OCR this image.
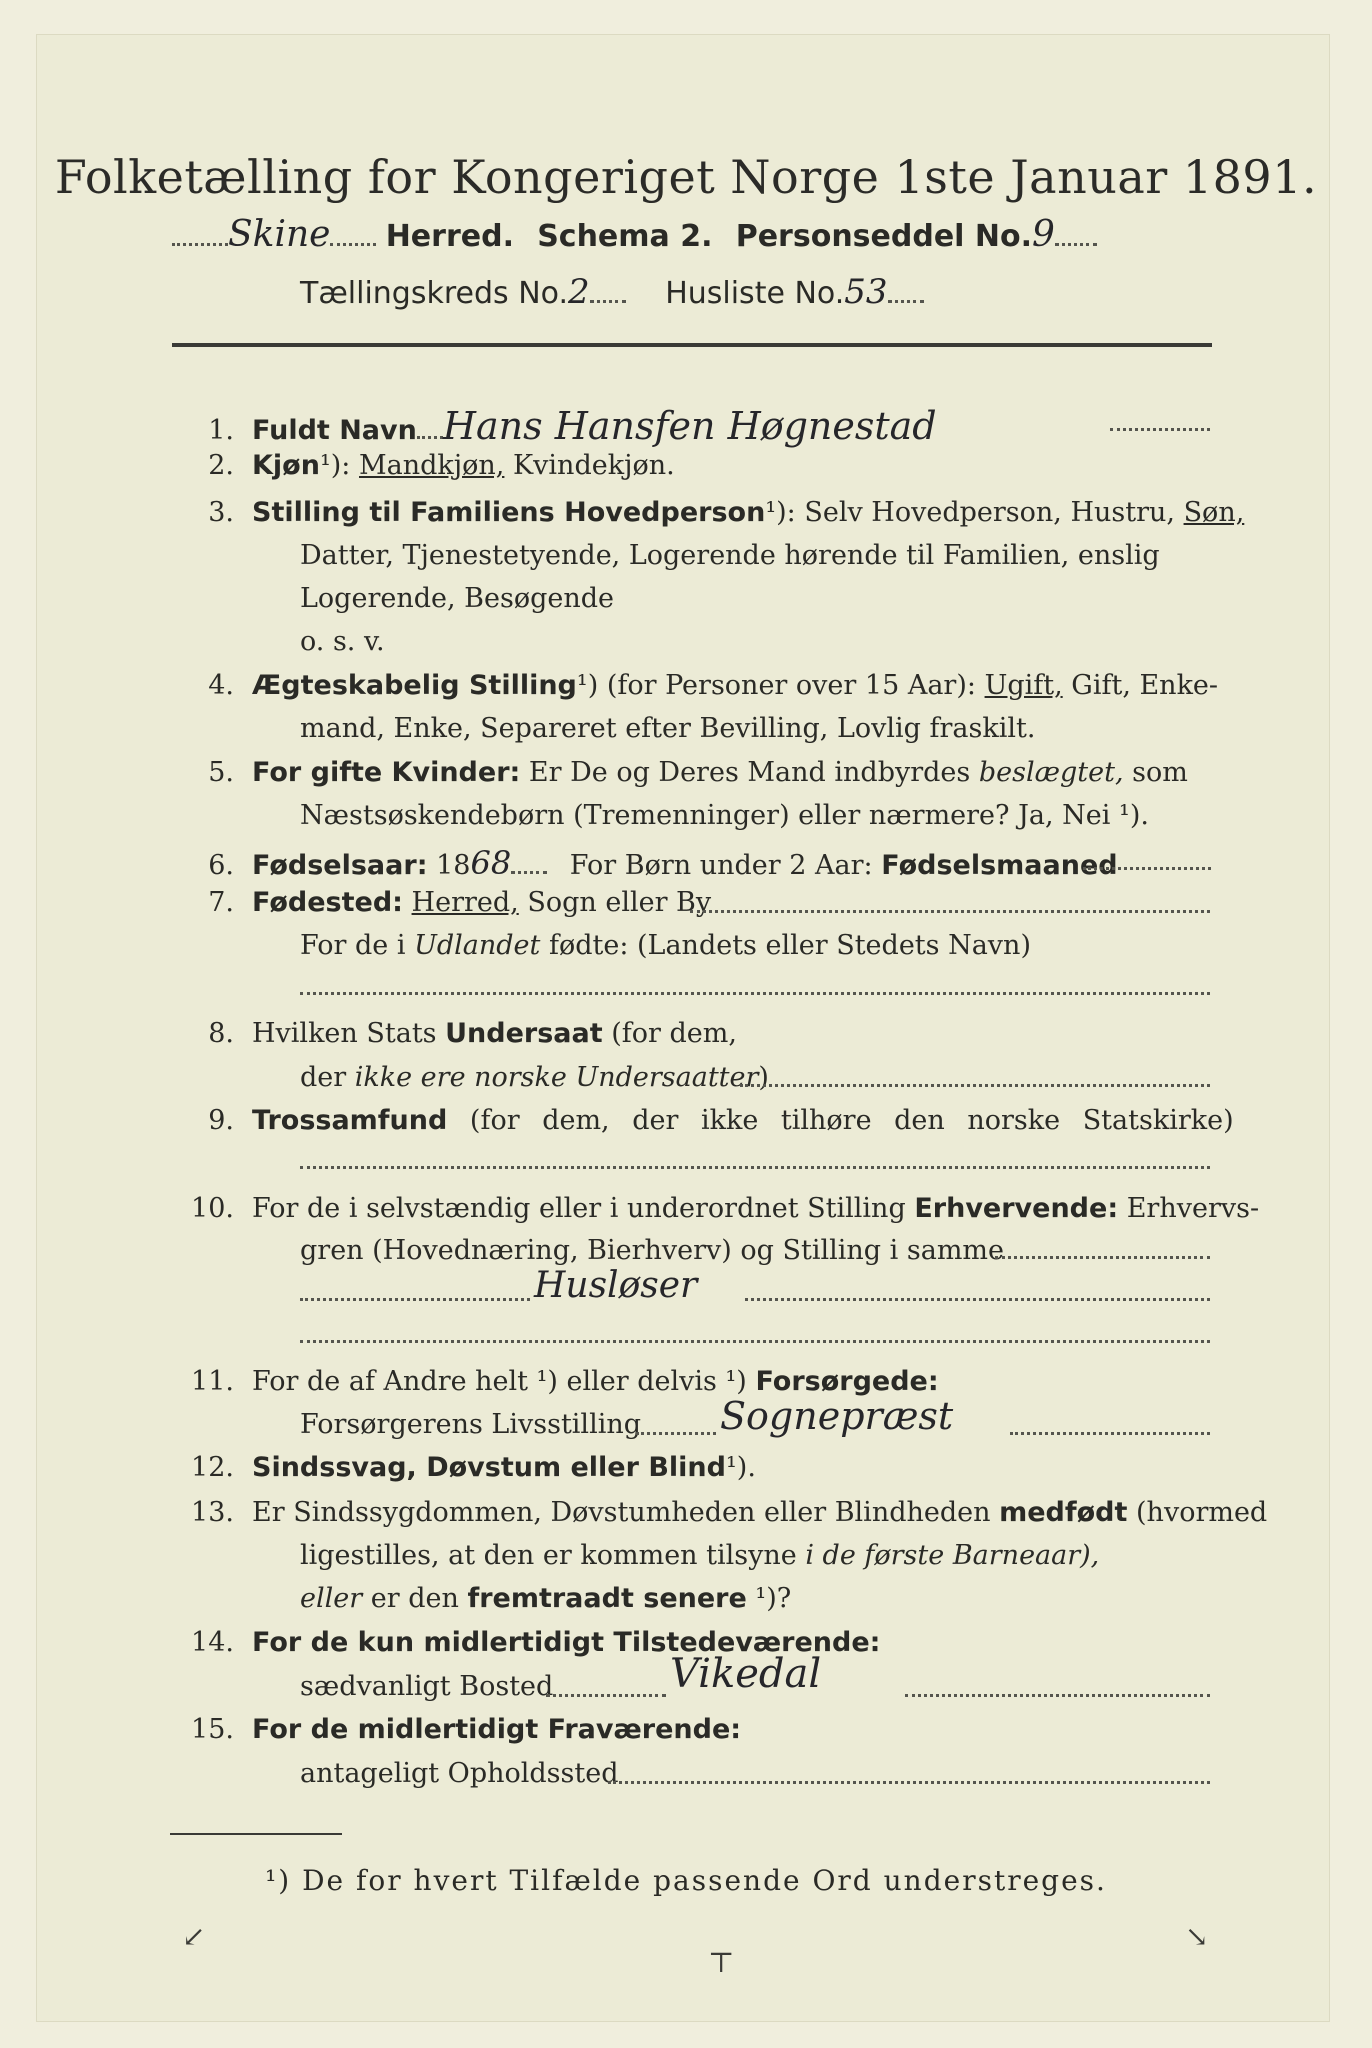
Folketælling for Kongeriget Norge 1ste Januar 1891.
Skine Herred. Schema 2. Personseddel No.9
Tællingskreds No.2	Husliste No.53
1. Fuldt Navn Hans Hansfen Høgnestad
2. Kjøn¹): Mandkjøn, Kvindekjøn.
3. Stilling til Familiens Hovedperson¹): Selv Hovedperson, Hustru, Søn,
Datter, Tjenestetyende, Logerende hørende til Familien, enslig
Logerende, Besøgende
o. s. v.
4. Ægteskabelig Stilling¹) (for Personer over 15 Aar): Ugift, Gift, Enke-
mand, Enke, Separeret efter Bevilling, Lovlig fraskilt.
5. For gifte Kvinder: Er De og Deres Mand indbyrdes beslægtet, som
Næstsøskendebørn (Tremenninger) eller nærmere? Ja, Nei ¹).
6. Fødselsaar: 1868 For Børn under 2 Aar: Fødselsmaaned
7. Fødested: Herred, Sogn eller By
For de i Udlandet fødte: (Landets eller Stedets Navn)
8. Hvilken Stats Undersaat (for dem,
der ikke ere norske Undersaatter)
9. Trossamfund (for dem, der ikke tilhøre den norske Statskirke)
10. For de i selvstændig eller i underordnet Stilling Erhvervende: Erhvervs-
gren (Hovednæring, Bierhverv) og Stilling i samme
Husløser
11. For de af Andre helt ¹) eller delvis ¹) Forsørgede:
Forsørgerens Livsstilling Sognepræst
12. Sindssvag, Døvstum eller Blind¹).
13. Er Sindssygdommen, Døvstumheden eller Blindheden medfødt (hvormed
ligestilles, at den er kommen tilsyne i de første Barneaar),
eller er den fremtraadt senere ¹)?
14. For de kun midlertidigt Tilstedeværende:
sædvanligt Bosted	Vikedal
15. For de midlertidigt Fraværende:
antageligt Opholdssted
¹) De for hvert Tilfælde passende Ord understreges.
↙
⊤
↘
